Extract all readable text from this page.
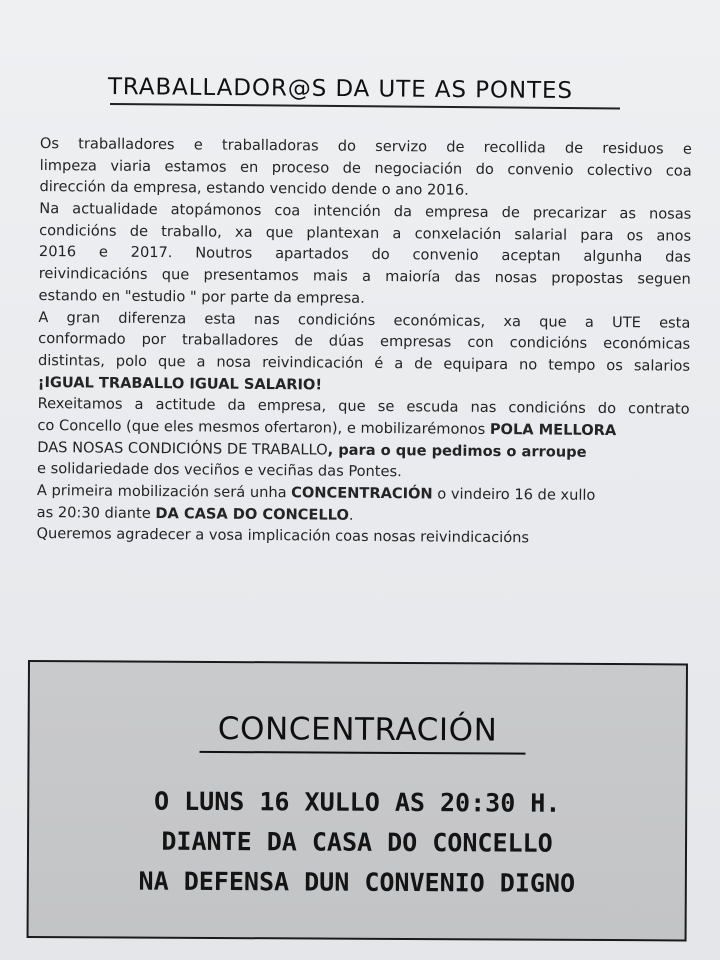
TRABALLADOR@S DA UTE AS PONTES
Os traballadores e traballadoras do servizo de recollida de residuos e
limpeza viaria estamos en proceso de negociación do convenio colectivo coa
dirección da empresa, estando vencido dende o ano 2016.
Na actualidade atopámonos coa intención da empresa de precarizar as nosas
condicións de traballo, xa que plantexan a conxelación salarial para os anos
2016 e 2017. Noutros apartados do convenio aceptan algunha das
reivindicacións que presentamos mais a maioría das nosas propostas seguen
estando en "estudio " por parte da empresa.
A gran diferenza esta nas condicións económicas, xa que a UTE esta
conformado por traballadores de dúas empresas con condicións económicas
distintas, polo que a nosa reivindicación é a de equipara no tempo os salarios
¡IGUAL TRABALLO IGUAL SALARIO!
Rexeitamos a actitude da empresa, que se escuda nas condicións do contrato
co Concello (que eles mesmos ofertaron), e mobilizarémonos POLA MELLORA
DAS NOSAS CONDICIÓNS DE TRABALLO, para o que pedimos o arroupe
e solidariedade dos veciños e veciñas das Pontes.
A primeira mobilización será unha CONCENTRACIÓN o vindeiro 16 de xullo
as 20:30 diante DA CASA DO CONCELLO.
Queremos agradecer a vosa implicación coas nosas reivindicacións
CONCENTRACIÓN
O LUNS 16 XULLO AS 20:30 H.
DIANTE DA CASA DO CONCELLO
NA DEFENSA DUN CONVENIO DIGNO
